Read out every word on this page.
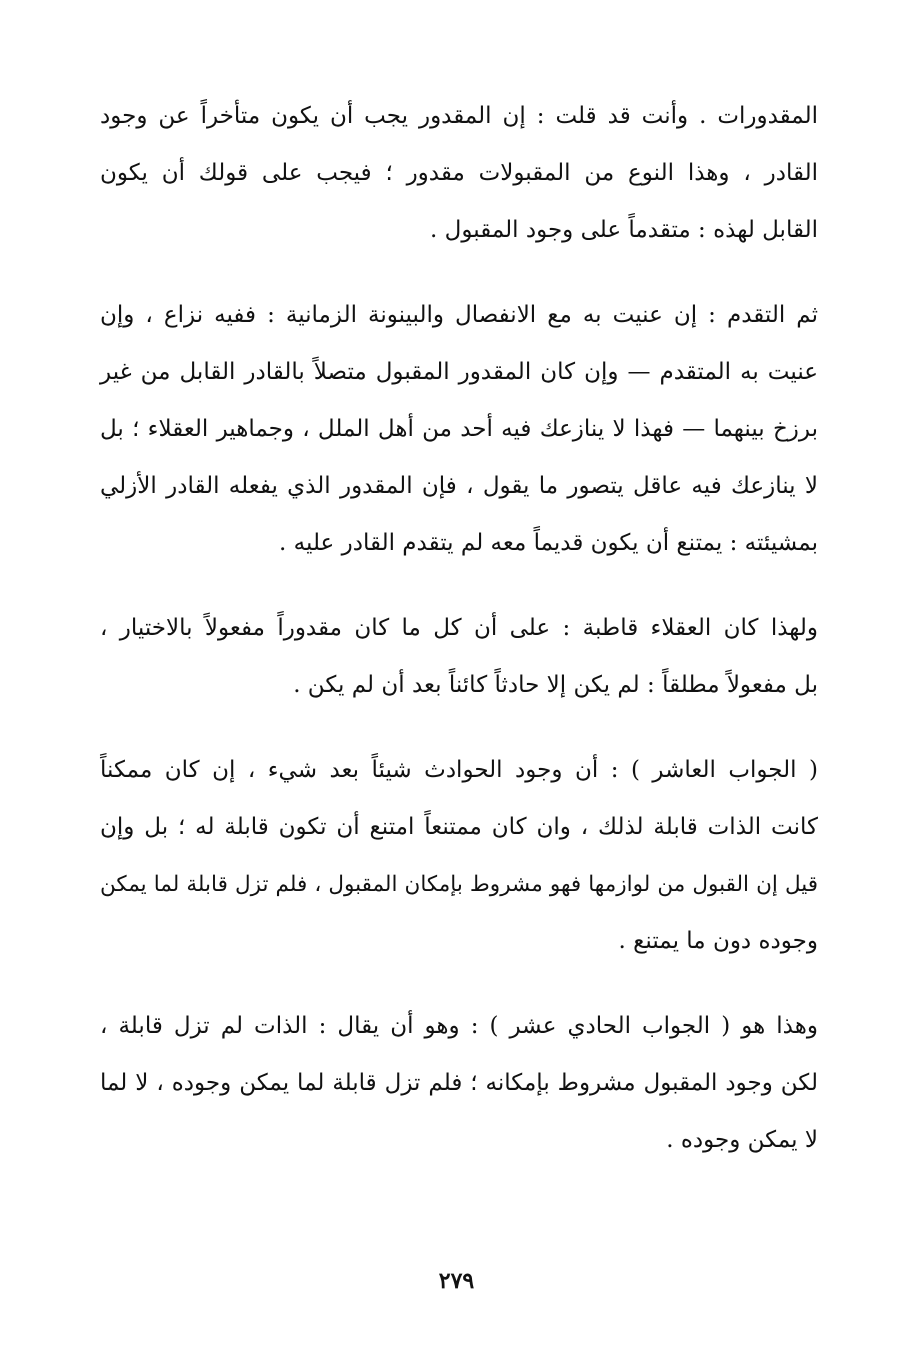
المقدورات . وأنت قد قلت : إن المقدور يجب أن يكون متأخراً عن وجود
القادر ، وهذا النوع من المقبولات مقدور ؛ فيجب على قولك أن يكون
القابل لهذه : متقدماً على وجود المقبول .
ثم التقدم : إن عنيت به مع الانفصال والبينونة الزمانية : ففيه نزاع ، وإن
عنيت به المتقدم — وإن كان المقدور المقبول متصلاً بالقادر القابل من غير
برزخ بينهما — فهذا لا ينازعك فيه أحد من أهل الملل ، وجماهير العقلاء ؛ بل
لا ينازعك فيه عاقل يتصور ما يقول ، فإن المقدور الذي يفعله القادر الأزلي
بمشيئته : يمتنع أن يكون قديماً معه لم يتقدم القادر عليه .
ولهذا كان العقلاء قاطبة : على أن كل ما كان مقدوراً مفعولاً بالاختيار ،
بل مفعولاً مطلقاً : لم يكن إلا حادثاً كائناً بعد أن لم يكن .
( الجواب العاشر ) : أن وجود الحوادث شيئاً بعد شيء ، إن كان ممكناً
كانت الذات قابلة لذلك ، وان كان ممتنعاً امتنع أن تكون قابلة له ؛ بل وإن
قيل إن القبول من لوازمها فهو مشروط بإمكان المقبول ، فلم تزل قابلة لما يمكن
وجوده دون ما يمتنع .
وهذا هو ( الجواب الحادي عشر ) : وهو أن يقال : الذات لم تزل قابلة ،
لكن وجود المقبول مشروط بإمكانه ؛ فلم تزل قابلة لما يمكن وجوده ، لا لما
لا يمكن وجوده .
٢٧٩
